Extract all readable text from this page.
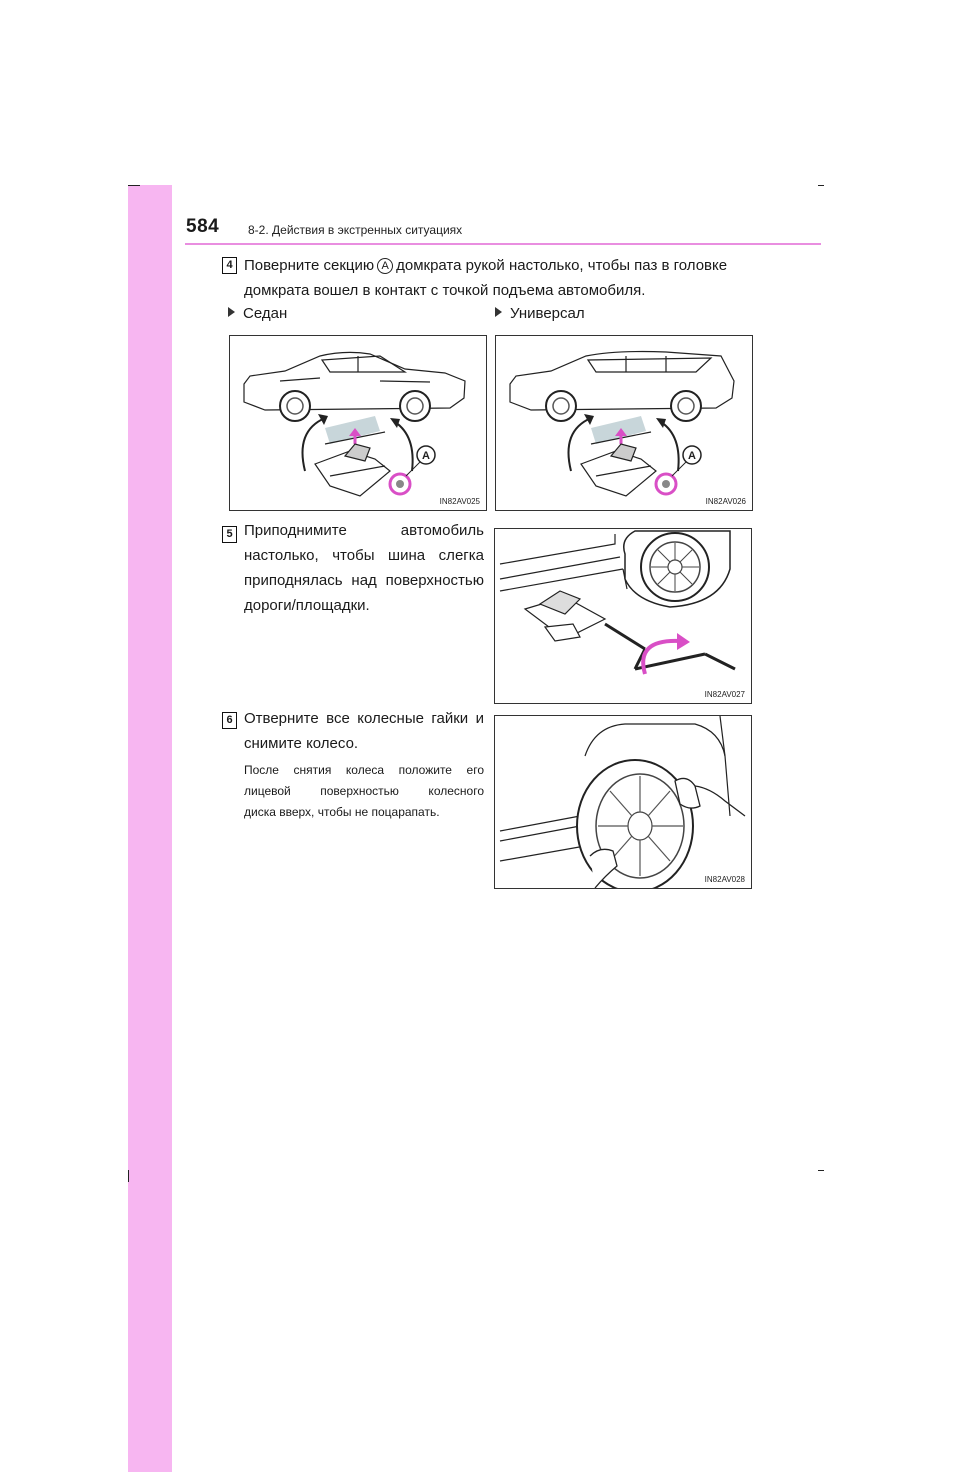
584 8-2. Действия в экстренных ситуациях
4 Поверните секцию A домкрата рукой настолько, чтобы паз в головке
домкрата вошел в контакт с точкой подъема автомобиля.
Седан	Универсал
A
IN82AV025
A
IN82AV026
5 Приподнимите автомобиль
настолько, чтобы шина слегка
приподнялась над поверхностью
дороги/площадки.
IN82AV027
6 Отверните все колесные гайки и
снимите колесо.
После снятия колеса положите его
лицевой поверхностью колесного
диска вверх, чтобы не поцарапать.
IN82AV028
